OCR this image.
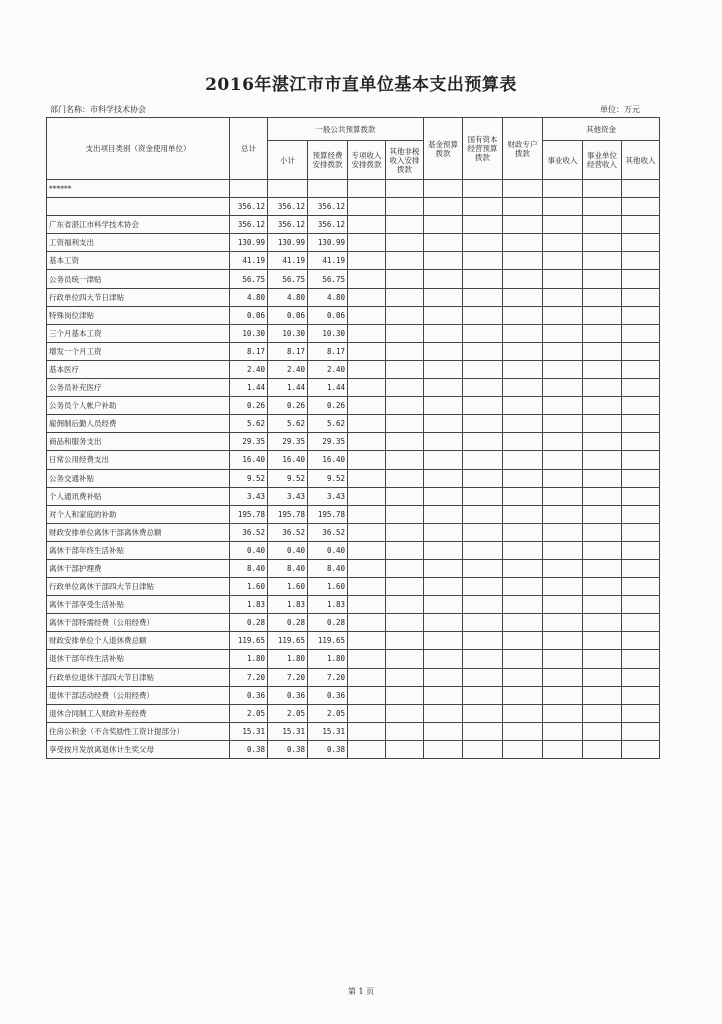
2016年湛江市市直单位基本支出预算表
部门名称：市科学技术协会	单位：万元
支出项目类别（资金使用单位）	总计	一般公共预算拨款				基金预算拨款	国有资本经营预算拨款	财政专户拨款	其他资金		
		小计	预算经费安排拨款	专项收入安排拨款	其他非税收入安排拨款				事业收入	事业单位经营收入	其他收入

******											
	356.12	356.12	356.12								
广东省湛江市科学技术协会	356.12	356.12	356.12								
工资福利支出	130.99	130.99	130.99								
基本工资	41.19	41.19	41.19								
公务员统一津贴	56.75	56.75	56.75								
行政单位四大节日津贴	4.80	4.80	4.80								
特殊岗位津贴	0.06	0.06	0.06								
三个月基本工资	10.30	10.30	10.30								
增发一个月工资	8.17	8.17	8.17								
基本医疗	2.40	2.40	2.40								
公务员补充医疗	1.44	1.44	1.44								
公务员个人帐户补助	0.26	0.26	0.26								
雇佣制后勤人员经费	5.62	5.62	5.62								
商品和服务支出	29.35	29.35	29.35								
日常公用经费支出	16.40	16.40	16.40								
公务交通补贴	9.52	9.52	9.52								
个人通讯费补贴	3.43	3.43	3.43								
对个人和家庭的补助	195.78	195.78	195.78								
财政安排单位离休干部离休费总额	36.52	36.52	36.52								
离休干部年终生活补贴	0.40	0.40	0.40								
离休干部护理费	8.40	8.40	8.40								
行政单位离休干部四大节日津贴	1.60	1.60	1.60								
离休干部享受生活补贴	1.83	1.83	1.83								
离休干部特需经费（公用经费）	0.28	0.28	0.28								
财政安排单位个人退休费总额	119.65	119.65	119.65								
退休干部年终生活补贴	1.80	1.80	1.80								
行政单位退休干部四大节日津贴	7.20	7.20	7.20								
退休干部活动经费（公用经费）	0.36	0.36	0.36								
退休合同制工人财政补差经费	2.05	2.05	2.05								
住房公积金（不含奖励性工资计提部分）	15.31	15.31	15.31								
享受按月发放离退休计生奖父母	0.38	0.38	0.38								
第 1 页
